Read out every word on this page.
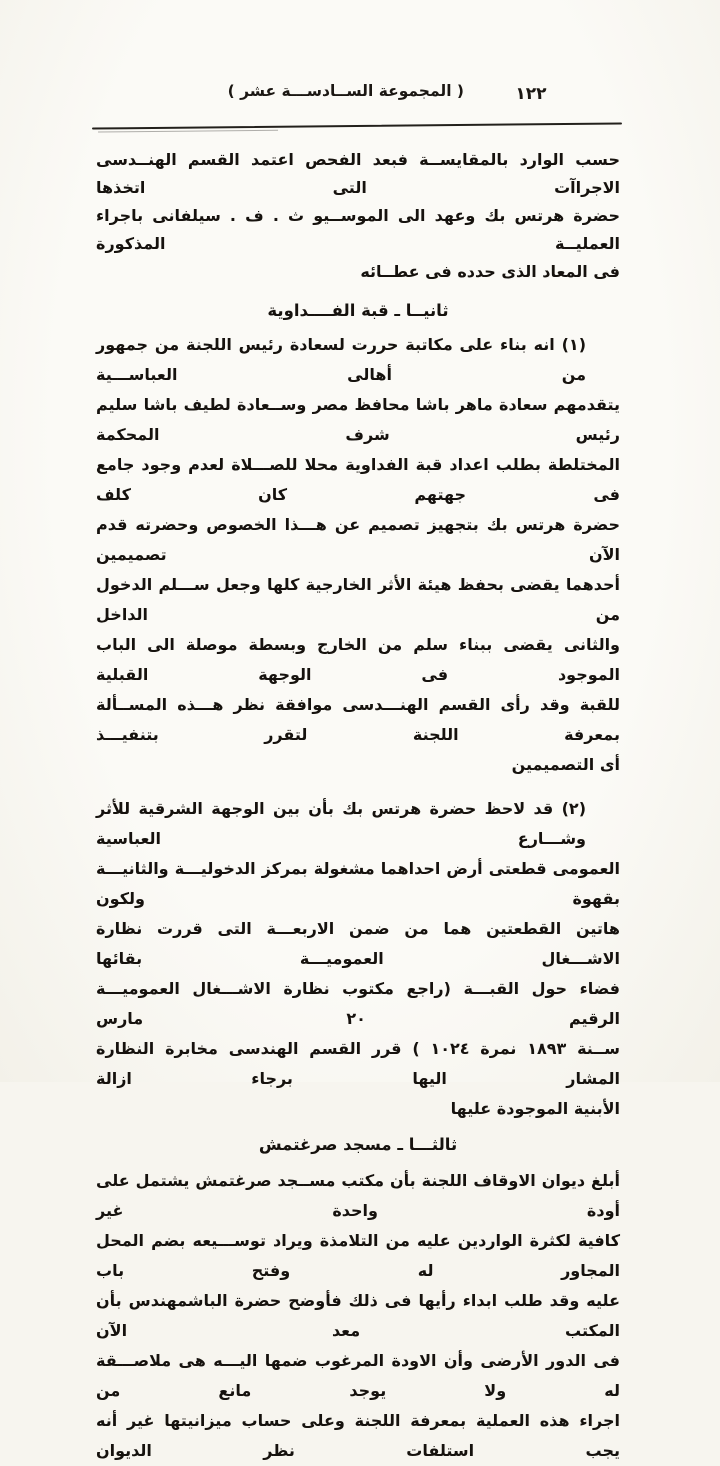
١٢٢
( المجموعة الســادســـة عشر )
حسب الوارد بالمقايســة فبعد الفحص اعتمد القسم الهنــدسى الاجراآت التى اتخذها
حضرة هرتس بك وعهد الى الموســيو ث . ف . سيلفانى باجراء العمليــة المذكورة
فى المعاد الذى حدده فى عطــائه
ثانيــا ـ قبة الفــــداوية
(١) انه بناء على مكاتبة حررت لسعادة رئيس اللجنة من جمهور من أهالى العباســـية
يتقدمهم سعادة ماهر باشا محافظ مصر وســعادة لطيف باشا سليم رئيس شرف المحكمة
المختلطة بطلب اعداد قبة الفداوية محلا للصـــلاة لعدم وجود جامع فى جهتهم كان كلف
حضرة هرتس بك بتجهيز تصميم عن هـــذا الخصوص وحضرته قدم الآن تصميمين
أحدهما يقضى بحفظ هيئة الأثر الخارجية كلها وجعل ســـلم الدخول من الداخل
والثانى يقضى ببناء سلم من الخارج وبسطة موصلة الى الباب الموجود فى الوجهة القبلية
للقبة وقد رأى القسم الهنـــدسى موافقة نظر هـــذه المســألة بمعرفة اللجنة لتقرر بتنفيـــذ
أى التصميمين
(٢) قد لاحظ حضرة هرتس بك بأن بين الوجهة الشرقية للأثر وشـــارع العباسية
العمومى قطعتى أرض احداهما مشغولة بمركز الدخوليـــة والثانيـــة بقهوة ولكون
هاتين القطعتين هما من ضمن الاربعـــة التى قررت نظارة الاشـــغال العموميـــة بقائها
فضاء حول القبـــة (راجع مكتوب نظارة الاشـــغال العموميـــة الرقيم ٢٠ مارس
ســنة ١٨٩٣ نمرة ١٠٢٤ ) قرر القسم الهندسى مخابرة النظارة المشار اليها برجاء ازالة
الأبنية الموجودة عليها
ثالثـــا ـ مسجد صرغتمش
أبلغ ديوان الاوقاف اللجنة بأن مكتب مســجد صرغتمش يشتمل على أودة واحدة غير
كافية لكثرة الواردين عليه من التلامذة ويراد توســـيعه بضم المحل المجاور له وفتح باب
عليه وقد طلب ابداء رأيها فى ذلك فأوضح حضرة الباشمهندس بأن المكتب معد الآن
فى الدور الأرضى وأن الاودة المرغوب ضمها اليـــه هى ملاصـــقة له ولا يوجد مانع من
اجراء هذه العملية بمعرفة اللجنة وعلى حساب ميزانيتها غير أنه يجب استلفات نظر الديوان
